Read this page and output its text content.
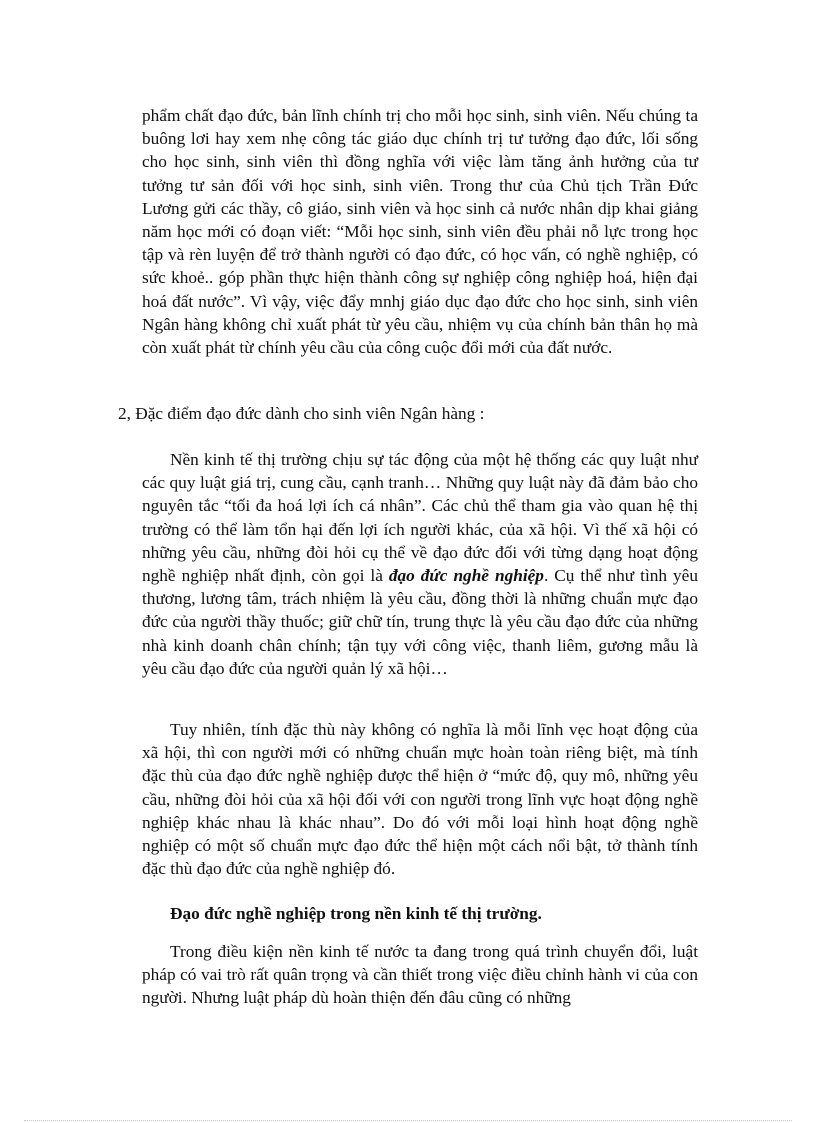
phẩm chất đạo đức, bản lĩnh chính trị cho mỗi học sinh, sinh viên. Nếu chúng ta buông lơi hay xem nhẹ công tác giáo dục chính trị tư tưởng đạo đức, lối sống cho học sinh, sinh viên thì đồng nghĩa với việc làm tăng ảnh hưởng của tư tưởng tư sản đối với học sinh, sinh viên. Trong thư của Chủ tịch Trần Đức Lương gửi các thầy, cô giáo, sinh viên và học sinh cả nước nhân dịp khai giảng năm học mới có đoạn viết: “Mỗi học sinh, sinh viên đều phải nỗ lực trong học tập và rèn luyện để trở thành người có đạo đức, có học vấn, có nghề nghiệp, có sức khoẻ.. góp phần thực hiện thành công sự nghiệp công nghiệp hoá, hiện đại hoá đất nước”. Vì vậy, việc đẩy mnhj giáo dục đạo đức cho học sinh, sinh viên Ngân hàng không chỉ xuất phát từ yêu cầu, nhiệm vụ của chính bản thân họ mà còn xuất phát từ chính yêu cầu của công cuộc đổi mới của đất nước.

2, Đặc điểm đạo đức dành cho sinh viên Ngân hàng :

Nền kinh tế thị trường chịu sự tác động của một hệ thống các quy luật như các quy luật giá trị, cung cầu, cạnh tranh… Những quy luật này đã đảm bảo cho nguyên tắc “tối đa hoá lợi ích cá nhân”. Các chủ thể tham gia vào quan hệ thị trường có thể làm tổn hại đến lợi ích người khác, của xã hội. Vì thế xã hội có những yêu cầu, những đòi hỏi cụ thể về đạo đức đối với từng dạng hoạt động nghề nghiệp nhất định, còn gọi là đạo đức nghề nghiệp. Cụ thể như tình yêu thương, lương tâm, trách nhiệm là yêu cầu, đồng thời là những chuẩn mực đạo đức của người thầy thuốc; giữ chữ tín, trung thực là yêu cầu đạo đức của những nhà kinh doanh chân chính; tận tụy với công việc, thanh liêm, gương mẫu là yêu cầu đạo đức của người quản lý xã hội…

Tuy nhiên, tính đặc thù này không có nghĩa là mỗi lĩnh vẹc hoạt động của xã hội, thì con người mới có những chuẩn mực hoàn toàn riêng biệt, mà tính đặc thù của đạo đức nghề nghiệp được thể hiện ở “mức độ, quy mô, những yêu cầu, những đòi hỏi của xã hội đối với con người trong lĩnh vực hoạt động nghề nghiệp khác nhau là khác nhau”. Do đó với mỗi loại hình hoạt động nghề nghiệp có một số chuẩn mực đạo đức thể hiện một cách nổi bật, tở thành tính đặc thù đạo đức của nghề nghiệp đó.

Đạo đức nghề nghiệp trong nền kinh tế thị trường.

Trong điều kiện nền kinh tế nước ta đang trong quá trình chuyển đổi, luật pháp có vai trò rất quân trọng và cần thiết trong việc điều chỉnh hành vi của con người. Nhưng luật pháp dù hoàn thiện đến đâu cũng có những
